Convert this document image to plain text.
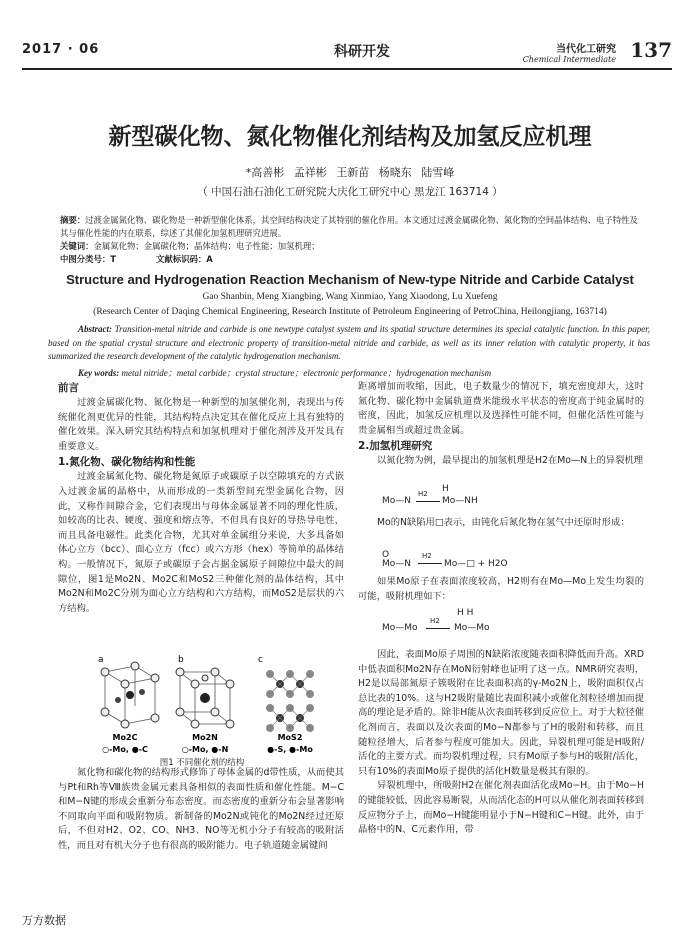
2017 · 06	科研开发	当代化工研究
Chemical Intermediate 137
新型碳化物、氮化物催化剂结构及加氢反应机理
*高善彬 孟祥彬 王新苗 杨晓东 陆雪峰
（ 中国石油石油化工研究院大庆化工研究中心 黑龙江 163714 ）
摘要：过渡金属氮化物、碳化物是一种新型催化体系，其空间结构决定了其特别的催化作用。本文通过过渡金属碳化物、氮化物的空间晶体结构、电子特性及其与催化性能的内在联系，综述了其催化加氢机理研究进展。
关键词：金属氮化物；金属碳化物；晶体结构；电子性能；加氢机理；
中图分类号：T	文献标识码：A
Structure and Hydrogenation Reaction Mechanism of New-type Nitride and Carbide Catalyst
Gao Shanbin, Meng Xiangbing, Wang Xinmiao, Yang Xiaodong, Lu Xuefeng
(Research Center of Daqing Chemical Engineering, Research Institute of Petroleum Engineering of PetroChina, Heilongjiang, 163714)
Abstract: Transition-metal nitride and carbide is one newtype catalyst system and its spatial structure determines its special catalytic function. In this paper, based on the spatial crystal structure and electronic property of transition-metal nitride and carbide, as well as its inner relation with catalytic property, it has summarized the research development of the catalytic hydrogenation mechanism.
Key words: metal nitride；metal carbide；crystal structure；electronic performance；hydrogenation mechanism
前言
过渡金属碳化物、氮化物是一种新型的加氢催化剂，表现出与传统催化剂更优异的性能，其结构特点决定其在催化反应上具有独特的催化效果。深入研究其结构特点和加氢机理对于催化剂涉及开发具有重要意义。
1.氮化物、碳化物结构和性能
过渡金属氮化物、碳化物是氮原子或碳原子以空隙填充的方式嵌入过渡金属的晶格中，从而形成的一类新型间充型金属化合物，因此，又称作间隙合金，它们表现出与母体金属显著不同的理化性质，如较高的比表、硬度、强度和熔点等，不但具有良好的导热导电性，而且具备电磁性。此类化合物，尤其对单金属组分来说，大多具备如体心立方（bcc）、面心立方（fcc）或六方形（hex）等简单的晶体结构。一般情况下，氮原子或碳原子会占据金属原子间隙位中最大的间隙位，图1是Mo2N、Mo2C和MoS2三种催化剂的晶体结构，其中Mo2N和Mo2C分别为面心立方结构和六方结构，而MoS2是层状的六方结构。
a	b	c
Mo2C	Mo2N	MoS2
○-Mo, ●-C	○-Mo, ●-N	●-S, ●-Mo
图1 不同催化剂的结构
氮化物和碳化物的结构形式修饰了母体金属的d带性质，从而使其与Pt和Rh等Ⅷ族贵金属元素具备相似的表面性质和催化性能。M−C和M−N键的形成会重新分布态密度。而态密度的重新分布会显著影响不同取向平面和吸附物质。新制备的Mo2N或钝化的Mo2N经过还原后，不但对H2、O2、CO、NH3、NO等无机小分子有较高的吸附活性，而且对有机大分子也有很高的吸附能力。电子轨道随金属键间
距离增加而收缩，因此，电子数量少的情况下，填充密度却大，这时氮化物、碳化物中金属轨道费米能级水平状态的密度高于纯金属时的密度，因此，加氢反应机理以及选择性可能不同，但催化活性可能与贵金属相当或超过贵金属。
2.加氢机理研究
以氮化物为例，最早提出的加氢机理是H2在Mo—N上的异裂机理
H
H2
Mo—N	Mo—NH
Mo的N缺陷用□表示，由钝化后氮化物在氢气中还原时形成：
O	H2
Mo—N	Mo—□ + H2O
如果Mo原子在表面浓度较高，H2则有在Mo—Mo上发生均裂的可能，吸附机理如下：
H H
H2
Mo—Mo	Mo—Mo
因此，表面Mo原子周围的N缺陷浓度随表面积降低而升高。XRD中低表面积Mo2N存在MoN衍射峰也证明了这一点。NMR研究表明，H2是以局部氮原子簇吸附在比表面积高的γ-Mo2N上，吸附面积仅占总比表的10%。这与H2吸附量随比表面积减小或催化剂粒径增加而提高的理论是矛盾的。除非H能从次表面转移到反应位上。对于大粒径催化剂而言，表面以及次表面的Mo−N都参与了H的吸附和转移，而且随粒径增大，后者参与程度可能加大。因此，异裂机理可能是H吸附/活化的主要方式。而均裂机理过程，只有Mo原子参与H的吸附/活化，只有10%的表面Mo原子提供的活化H数量是极其有限的。
异裂机理中，所吸附H2在催化剂表面活化成Mo−H。由于Mo−H的键能较低，因此容易断裂，从而活化态的H可以从催化剂表面转移到反应物分子上，而Mo−H键能明显小于N−H键和C−H键。此外，由于晶格中的N、C元素作用，带
万方数据
